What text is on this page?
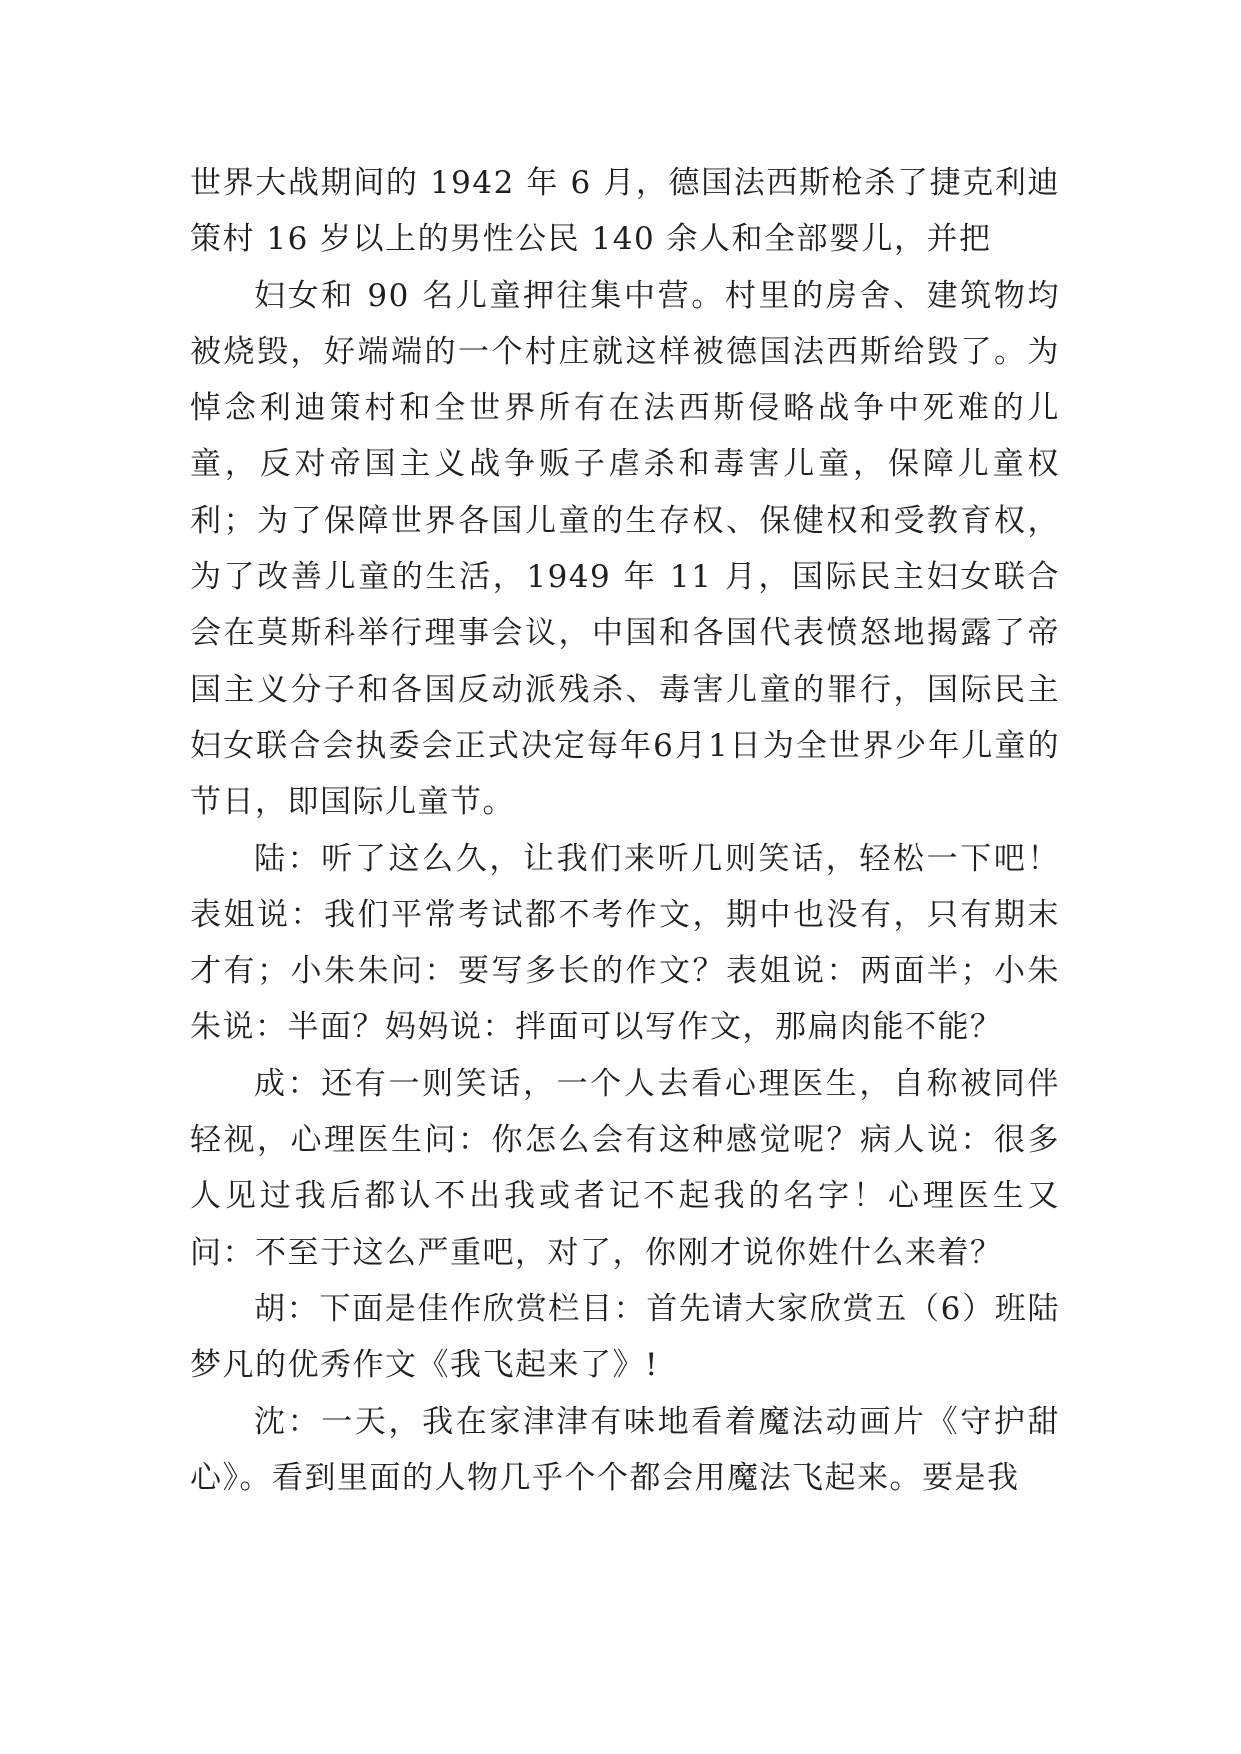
世界大战期间的 1942 年 6 月，德国法西斯枪杀了捷克利迪策村 16 岁以上的男性公民 140 余人和全部婴儿，并把

妇女和 90 名儿童押往集中营。村里的房舍、建筑物均被烧毁，好端端的一个村庄就这样被德国法西斯给毁了。为悼念利迪策村和全世界所有在法西斯侵略战争中死难的儿童，反对帝国主义战争贩子虐杀和毒害儿童，保障儿童权利；为了保障世界各国儿童的生存权、保健权和受教育权，为了改善儿童的生活，1949 年 11 月，国际民主妇女联合会在莫斯科举行理事会议，中国和各国代表愤怒地揭露了帝国主义分子和各国反动派残杀、毒害儿童的罪行，国际民主妇女联合会执委会正式决定每年6月1日为全世界少年儿童的节日，即国际儿童节。

陆：听了这么久，让我们来听几则笑话，轻松一下吧！表姐说：我们平常考试都不考作文，期中也没有，只有期末才有；小朱朱问：要写多长的作文？表姐说：两面半；小朱朱说：半面？妈妈说：拌面可以写作文，那扁肉能不能？

成：还有一则笑话，一个人去看心理医生，自称被同伴轻视，心理医生问：你怎么会有这种感觉呢？病人说：很多人见过我后都认不出我或者记不起我的名字！心理医生又问：不至于这么严重吧，对了，你刚才说你姓什么来着？

胡：下面是佳作欣赏栏目：首先请大家欣赏五（6）班陆梦凡的优秀作文《我飞起来了》!

沈：一天，我在家津津有味地看着魔法动画片《守护甜心》。看到里面的人物几乎个个都会用魔法飞起来。要是我
